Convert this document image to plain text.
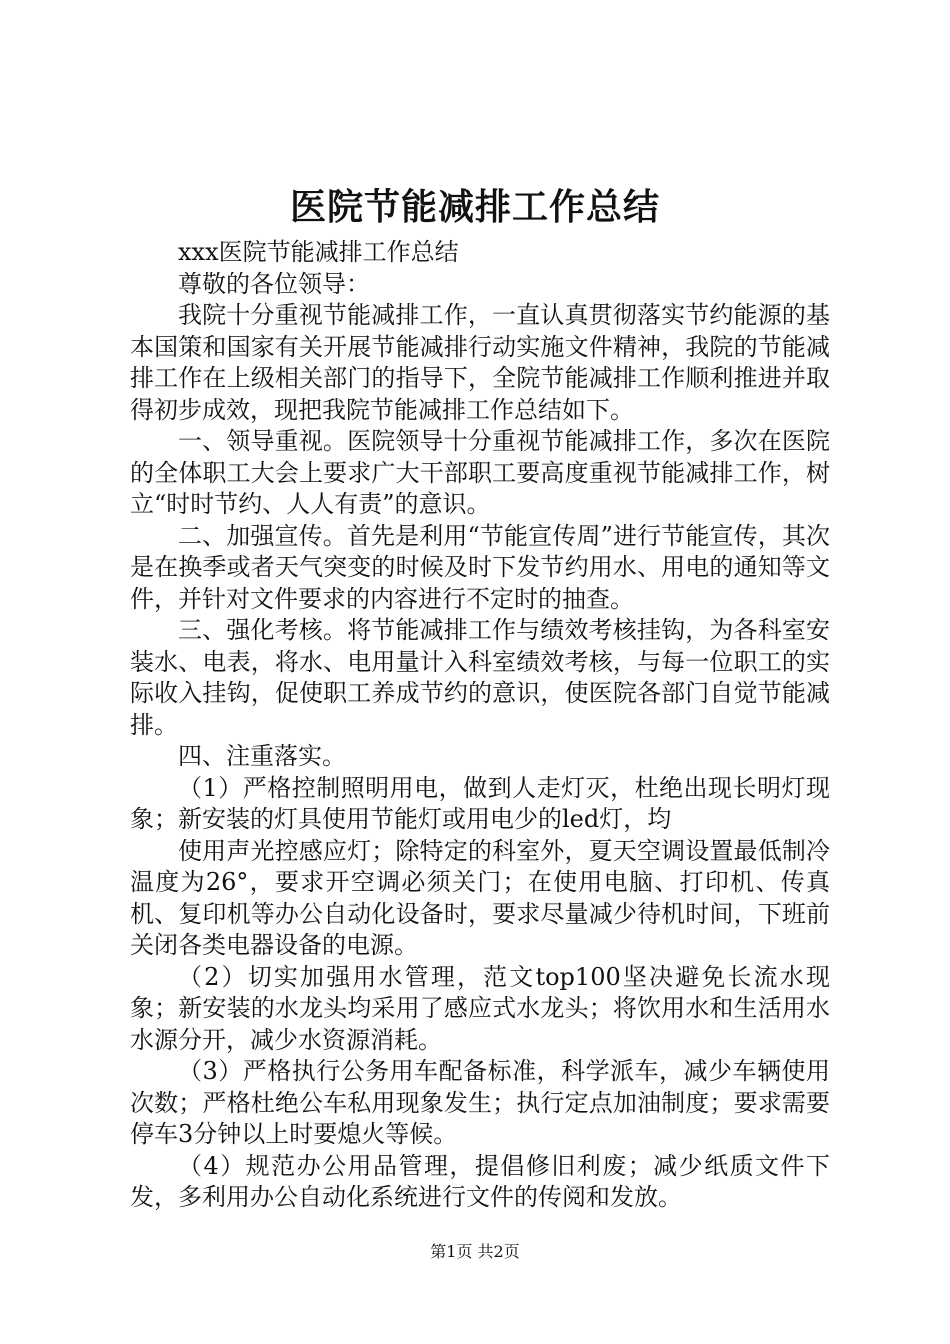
医院节能减排工作总结

xxx医院节能减排工作总结

尊敬的各位领导：

我院十分重视节能减排工作，一直认真贯彻落实节约能源的基本国策和国家有关开展节能减排行动实施文件精神，我院的节能减排工作在上级相关部门的指导下，全院节能减排工作顺利推进并取得初步成效，现把我院节能减排工作总结如下。

一、领导重视。医院领导十分重视节能减排工作，多次在医院的全体职工大会上要求广大干部职工要高度重视节能减排工作，树立“时时节约、人人有责”的意识。

二、加强宣传。首先是利用“节能宣传周”进行节能宣传，其次是在换季或者天气突变的时候及时下发节约用水、用电的通知等文件，并针对文件要求的内容进行不定时的抽查。

三、强化考核。将节能减排工作与绩效考核挂钩，为各科室安装水、电表，将水、电用量计入科室绩效考核，与每一位职工的实际收入挂钩，促使职工养成节约的意识，使医院各部门自觉节能减排。

四、注重落实。

（1）严格控制照明用电，做到人走灯灭，杜绝出现长明灯现象；新安装的灯具使用节能灯或用电少的led灯，均

使用声光控感应灯；除特定的科室外，夏天空调设置最低制冷温度为26°，要求开空调必须关门；在使用电脑、打印机、传真机、复印机等办公自动化设备时，要求尽量减少待机时间，下班前关闭各类电器设备的电源。

（2）切实加强用水管理，范文top100坚决避免长流水现象；新安装的水龙头均采用了感应式水龙头；将饮用水和生活用水水源分开，减少水资源消耗。

（3）严格执行公务用车配备标准，科学派车，减少车辆使用次数；严格杜绝公车私用现象发生；执行定点加油制度；要求需要停车3分钟以上时要熄火等候。

（4）规范办公用品管理，提倡修旧利废；减少纸质文件下发，多利用办公自动化系统进行文件的传阅和发放。

第1页 共2页
